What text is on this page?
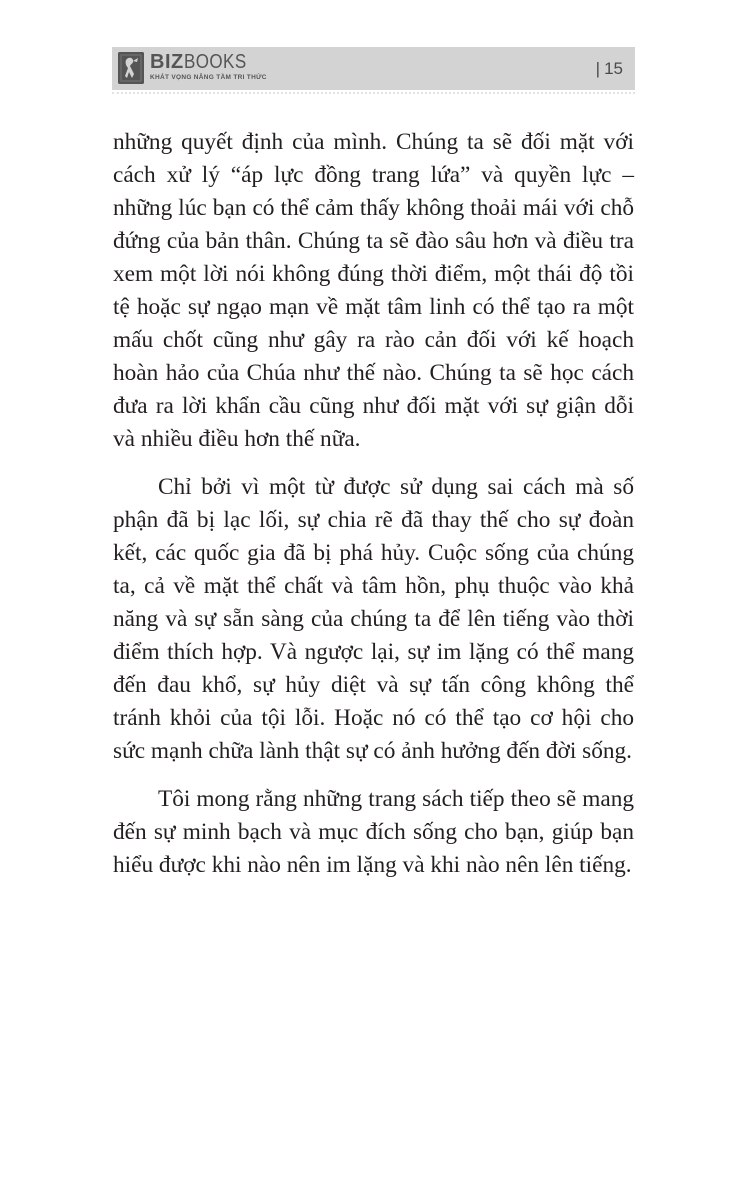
BIZBOOKS
KHÁT VỌNG NÂNG TẦM TRI THỨC	| 15

những quyết định của mình. Chúng ta sẽ đối mặt với cách xử lý “áp lực đồng trang lứa” và quyền lực – những lúc bạn có thể cảm thấy không thoải mái với chỗ đứng của bản thân. Chúng ta sẽ đào sâu hơn và điều tra xem một lời nói không đúng thời điểm, một thái độ tồi tệ hoặc sự ngạo mạn về mặt tâm linh có thể tạo ra một mấu chốt cũng như gây ra rào cản đối với kế hoạch hoàn hảo của Chúa như thế nào. Chúng ta sẽ học cách đưa ra lời khẩn cầu cũng như đối mặt với sự giận dỗi và nhiều điều hơn thế nữa.

Chỉ bởi vì một từ được sử dụng sai cách mà số phận đã bị lạc lối, sự chia rẽ đã thay thế cho sự đoàn kết, các quốc gia đã bị phá hủy. Cuộc sống của chúng ta, cả về mặt thể chất và tâm hồn, phụ thuộc vào khả năng và sự sẵn sàng của chúng ta để lên tiếng vào thời điểm thích hợp. Và ngược lại, sự im lặng có thể mang đến đau khổ, sự hủy diệt và sự tấn công không thể tránh khỏi của tội lỗi. Hoặc nó có thể tạo cơ hội cho sức mạnh chữa lành thật sự có ảnh hưởng đến đời sống.

Tôi mong rằng những trang sách tiếp theo sẽ mang đến sự minh bạch và mục đích sống cho bạn, giúp bạn hiểu được khi nào nên im lặng và khi nào nên lên tiếng.
